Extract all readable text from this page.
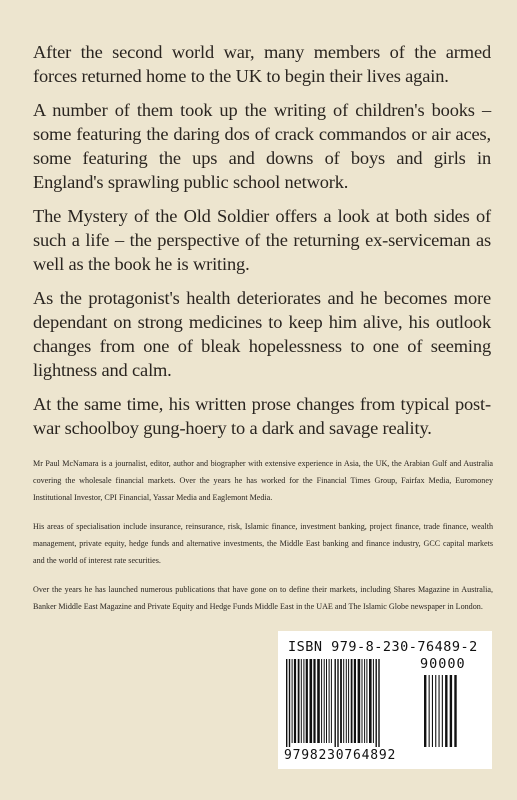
After the second world war, many members of the armed forces returned home to the UK to begin their lives again.

A number of them took up the writing of children's books – some featuring the daring dos of crack commandos or air aces, some featuring the ups and downs of boys and girls in England's sprawling public school network.

The Mystery of the Old Soldier offers a look at both sides of such a life – the perspective of the returning ex-serviceman as well as the book he is writing.

As the protagonist's health deteriorates and he becomes more dependant on strong medicines to keep him alive, his outlook changes from one of bleak hopelessness to one of seeming lightness and calm.

At the same time, his written prose changes from typical post-war schoolboy gung-hoery to a dark and savage reality.

Mr Paul McNamara is a journalist, editor, author and biographer with extensive experience in Asia, the UK, the Arabian Gulf and Australia covering the wholesale financial markets. Over the years he has worked for the Financial Times Group, Fairfax Media, Euromoney Institutional Investor, CPI Financial, Yassar Media and Eaglemont Media.

His areas of specialisation include insurance, reinsurance, risk, Islamic finance, investment banking, project finance, trade finance, wealth management, private equity, hedge funds and alternative investments, the Middle East banking and finance industry, GCC capital markets and the world of interest rate securities.

Over the years he has launched numerous publications that have gone on to define their markets, including Shares Magazine in Australia, Banker Middle East Magazine and Private Equity and Hedge Funds Middle East in the UAE and The Islamic Globe newspaper in London.

ISBN 979-8-230-76489-2
90000
9798230764892
